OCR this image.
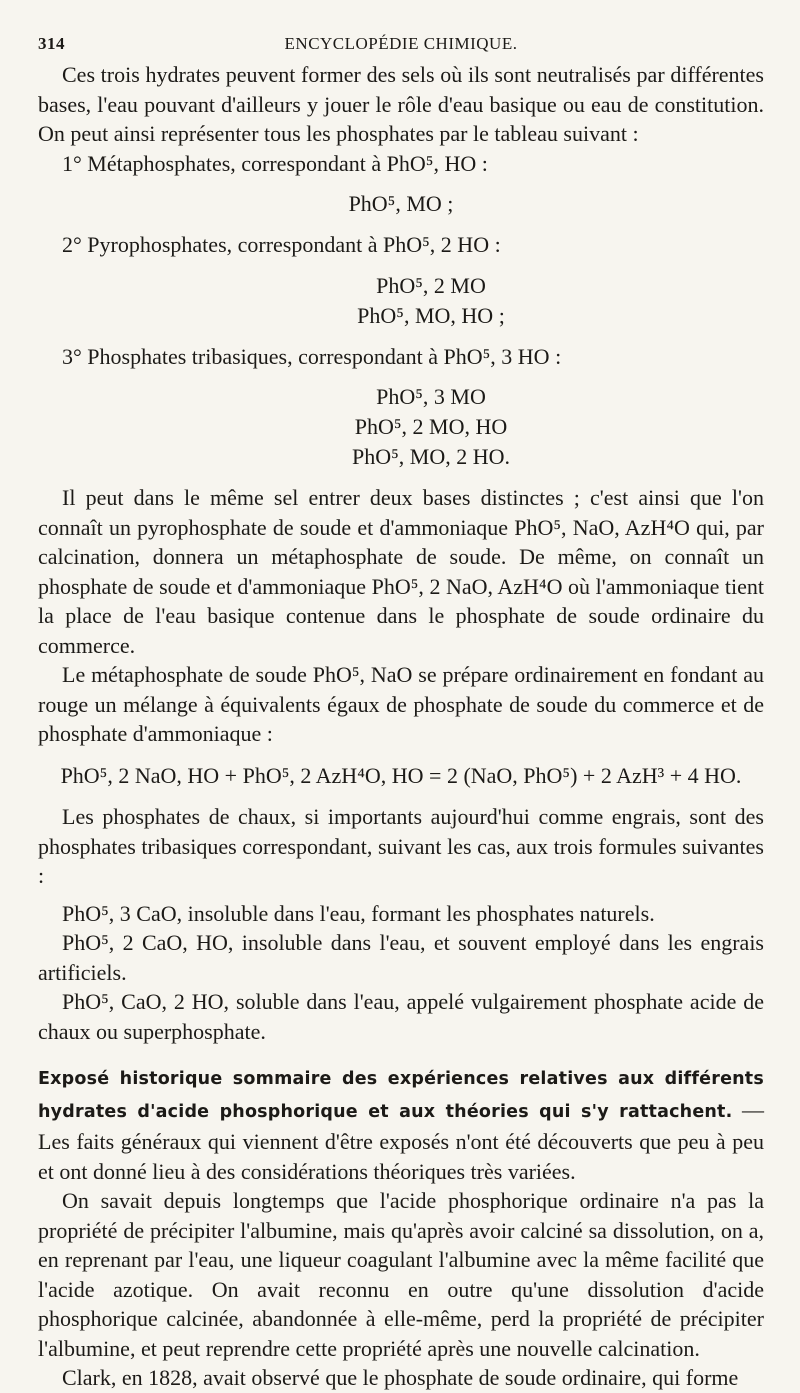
314	ENCYCLOPÉDIE CHIMIQUE.

Ces trois hydrates peuvent former des sels où ils sont neutralisés par différentes bases, l'eau pouvant d'ailleurs y jouer le rôle d'eau basique ou eau de constitution. On peut ainsi représenter tous les phosphates par le tableau suivant :

1° Métaphosphates, correspondant à PhO⁵, HO :

PhO⁵, MO ;

2° Pyrophosphates, correspondant à PhO⁵, 2 HO :

PhO⁵, 2 MO
PhO⁵, MO, HO ;

3° Phosphates tribasiques, correspondant à PhO⁵, 3 HO :

PhO⁵, 3 MO
PhO⁵, 2 MO, HO
PhO⁵, MO, 2 HO.

Il peut dans le même sel entrer deux bases distinctes ; c'est ainsi que l'on connaît un pyrophosphate de soude et d'ammoniaque PhO⁵, NaO, AzH⁴O qui, par calcination, donnera un métaphosphate de soude. De même, on connaît un phosphate de soude et d'ammoniaque PhO⁵, 2 NaO, AzH⁴O où l'ammoniaque tient la place de l'eau basique contenue dans le phosphate de soude ordinaire du commerce.

Le métaphosphate de soude PhO⁵, NaO se prépare ordinairement en fondant au rouge un mélange à équivalents égaux de phosphate de soude du commerce et de phosphate d'ammoniaque :

PhO⁵, 2 NaO, HO + PhO⁵, 2 AzH⁴O, HO = 2 (NaO, PhO⁵) + 2 AzH³ + 4 HO.

Les phosphates de chaux, si importants aujourd'hui comme engrais, sont des phosphates tribasiques correspondant, suivant les cas, aux trois formules suivantes :

PhO⁵, 3 CaO, insoluble dans l'eau, formant les phosphates naturels.

PhO⁵, 2 CaO, HO, insoluble dans l'eau, et souvent employé dans les engrais artificiels.

PhO⁵, CaO, 2 HO, soluble dans l'eau, appelé vulgairement phosphate acide de chaux ou superphosphate.

Exposé historique sommaire des expériences relatives aux différents hydrates d'acide phosphorique et aux théories qui s'y rattachent. — Les faits généraux qui viennent d'être exposés n'ont été découverts que peu à peu et ont donné lieu à des considérations théoriques très variées.

On savait depuis longtemps que l'acide phosphorique ordinaire n'a pas la propriété de précipiter l'albumine, mais qu'après avoir calciné sa dissolution, on a, en reprenant par l'eau, une liqueur coagulant l'albumine avec la même facilité que l'acide azotique. On avait reconnu en outre qu'une dissolution d'acide phosphorique calcinée, abandonnée à elle-même, perd la propriété de précipiter l'albumine, et peut reprendre cette propriété après une nouvelle calcination.

Clark, en 1828, avait observé que le phosphate de soude ordinaire, qui forme
